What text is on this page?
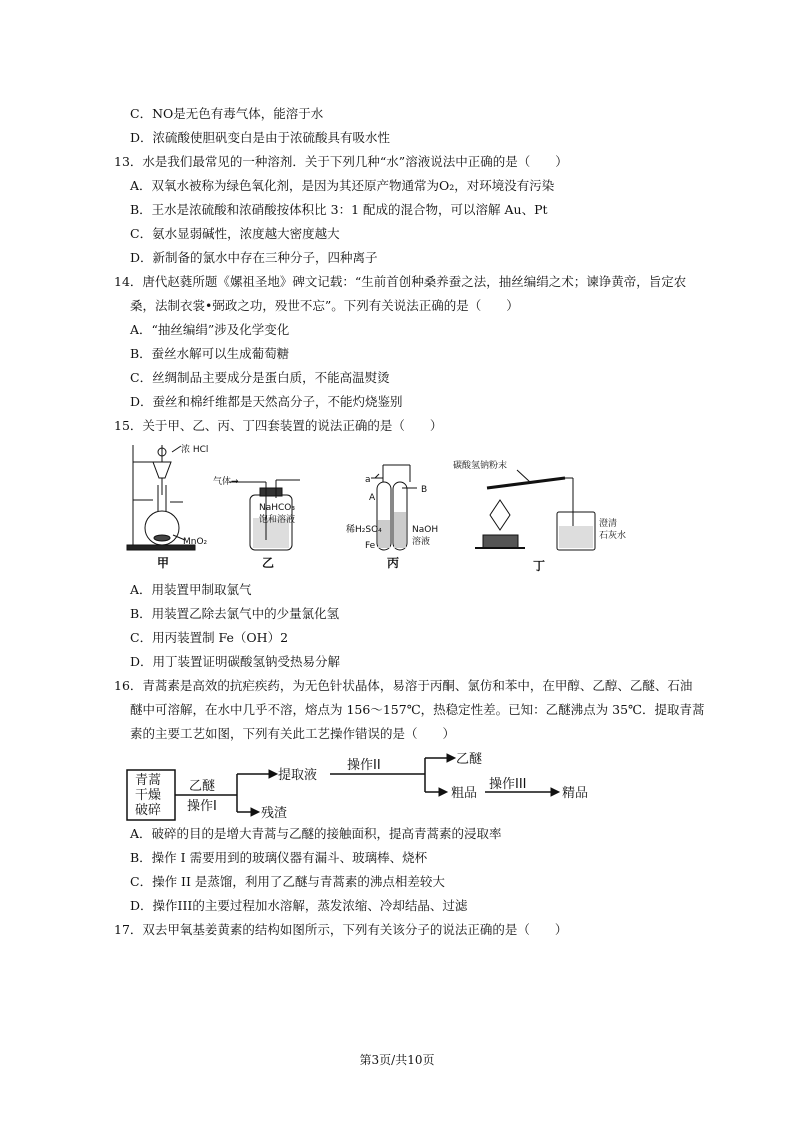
C．NO是无色有毒气体，能溶于水
D．浓硫酸使胆矾变白是由于浓硫酸具有吸水性
13．水是我们最常见的一种溶剂．关于下列几种“水”溶液说法中正确的是（　　）
A．双氧水被称为绿色氧化剂，是因为其还原产物通常为O₂，对环境没有污染
B．王水是浓硫酸和浓硝酸按体积比 3：1 配成的混合物，可以溶解 Au、Pt
C．氨水显弱碱性，浓度越大密度越大
D．新制备的氯水中存在三种分子，四种离子
14．唐代赵蕤所题《嫘祖圣地》碑文记载：“生前首创种桑养蚕之法，抽丝编绢之术；谏诤黄帝，旨定农
桑，法制衣裳•弼政之功，殁世不忘”。下列有关说法正确的是（　　）
A．“抽丝编绢”涉及化学变化
B．蚕丝水解可以生成葡萄糖
C．丝绸制品主要成分是蛋白质，不能高温熨烫
D．蚕丝和棉纤维都是天然高分子，不能灼烧鉴别
15．关于甲、乙、丙、丁四套装置的说法正确的是（　　）
浓 HCl
MnO₂
甲
气体→
NaHCO₃
饱和溶液
乙
a
A
B
稀H₂SO₄
Fe
NaOH
溶液
丙
碳酸氢钠粉末
澄清
石灰水
丁
A．用装置甲制取氯气
B．用装置乙除去氯气中的少量氯化氢
C．用丙装置制 Fe（OH）2
D．用丁装置证明碳酸氢钠受热易分解
16．青蒿素是高效的抗疟疾药，为无色针状晶体，易溶于丙酮、氯仿和苯中，在甲醇、乙醇、乙醚、石油
醚中可溶解，在水中几乎不溶，熔点为 156～157℃，热稳定性差。已知：乙醚沸点为 35℃．提取青蒿
素的主要工艺如图，下列有关此工艺操作错误的是（　　）
青蒿
干燥
破碎
乙醚
操作I
提取液
残渣
操作II	乙醚
粗品
操作III
精品
A．破碎的目的是增大青蒿与乙醚的接触面积，提高青蒿素的浸取率
B．操作 I 需要用到的玻璃仪器有漏斗、玻璃棒、烧杯
C．操作 II 是蒸馏，利用了乙醚与青蒿素的沸点相差较大
D．操作III的主要过程加水溶解，蒸发浓缩、冷却结晶、过滤
17．双去甲氧基姜黄素的结构如图所示，下列有关该分子的说法正确的是（　　）
第3页/共10页
